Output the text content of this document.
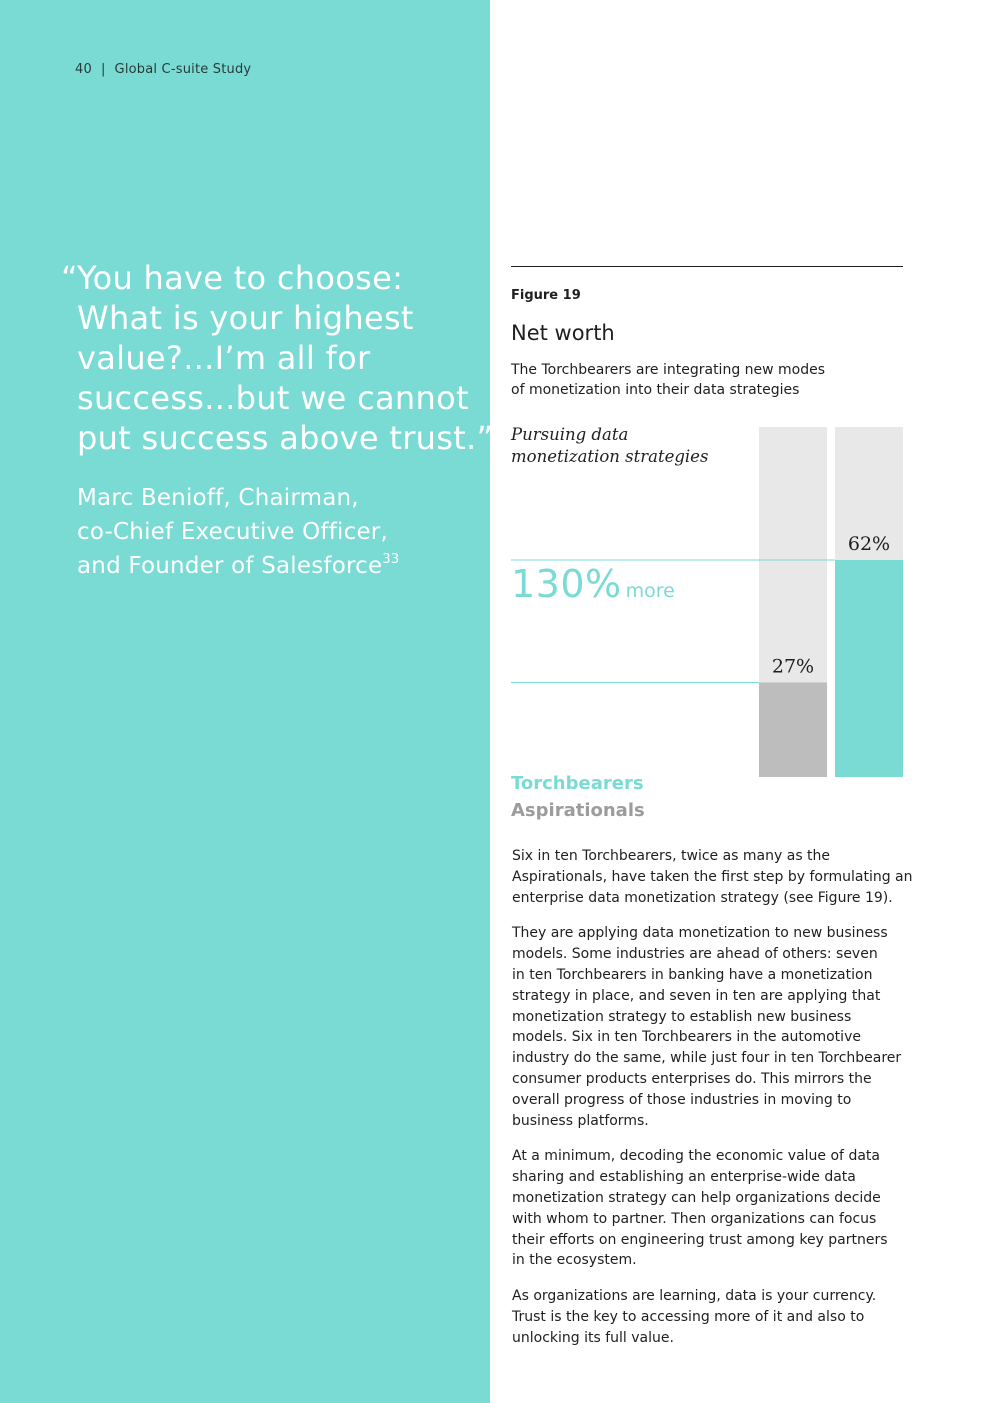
40 | Global C-suite Study
“ You have to choose:
What is your highest
value?...I’m all for
success...but we cannot
put success above trust.”
Marc Benioff, Chairman,
co-Chief Executive Officer,
and Founder of Salesforce$^{33}$
Figure 19
Net worth
The Torchbearers are integrating new modes
of monetization into their data strategies
27%
62%
Pursuing data
monetization strategies
130% more
Torchbearers
Aspirationals

Six in ten Torchbearers, twice as many as the
Aspirationals, have taken the first step by formulating an
enterprise data monetization strategy (see Figure 19).

They are applying data monetization to new business
models. Some industries are ahead of others: seven
in ten Torchbearers in banking have a monetization
strategy in place, and seven in ten are applying that
monetization strategy to establish new business
models. Six in ten Torchbearers in the automotive
industry do the same, while just four in ten Torchbearer
consumer products enterprises do. This mirrors the
overall progress of those industries in moving to
business platforms.

At a minimum, decoding the economic value of data
sharing and establishing an enterprise-wide data
monetization strategy can help organizations decide
with whom to partner. Then organizations can focus
their efforts on engineering trust among key partners
in the ecosystem.

As organizations are learning, data is your currency.
Trust is the key to accessing more of it and also to
unlocking its full value.
